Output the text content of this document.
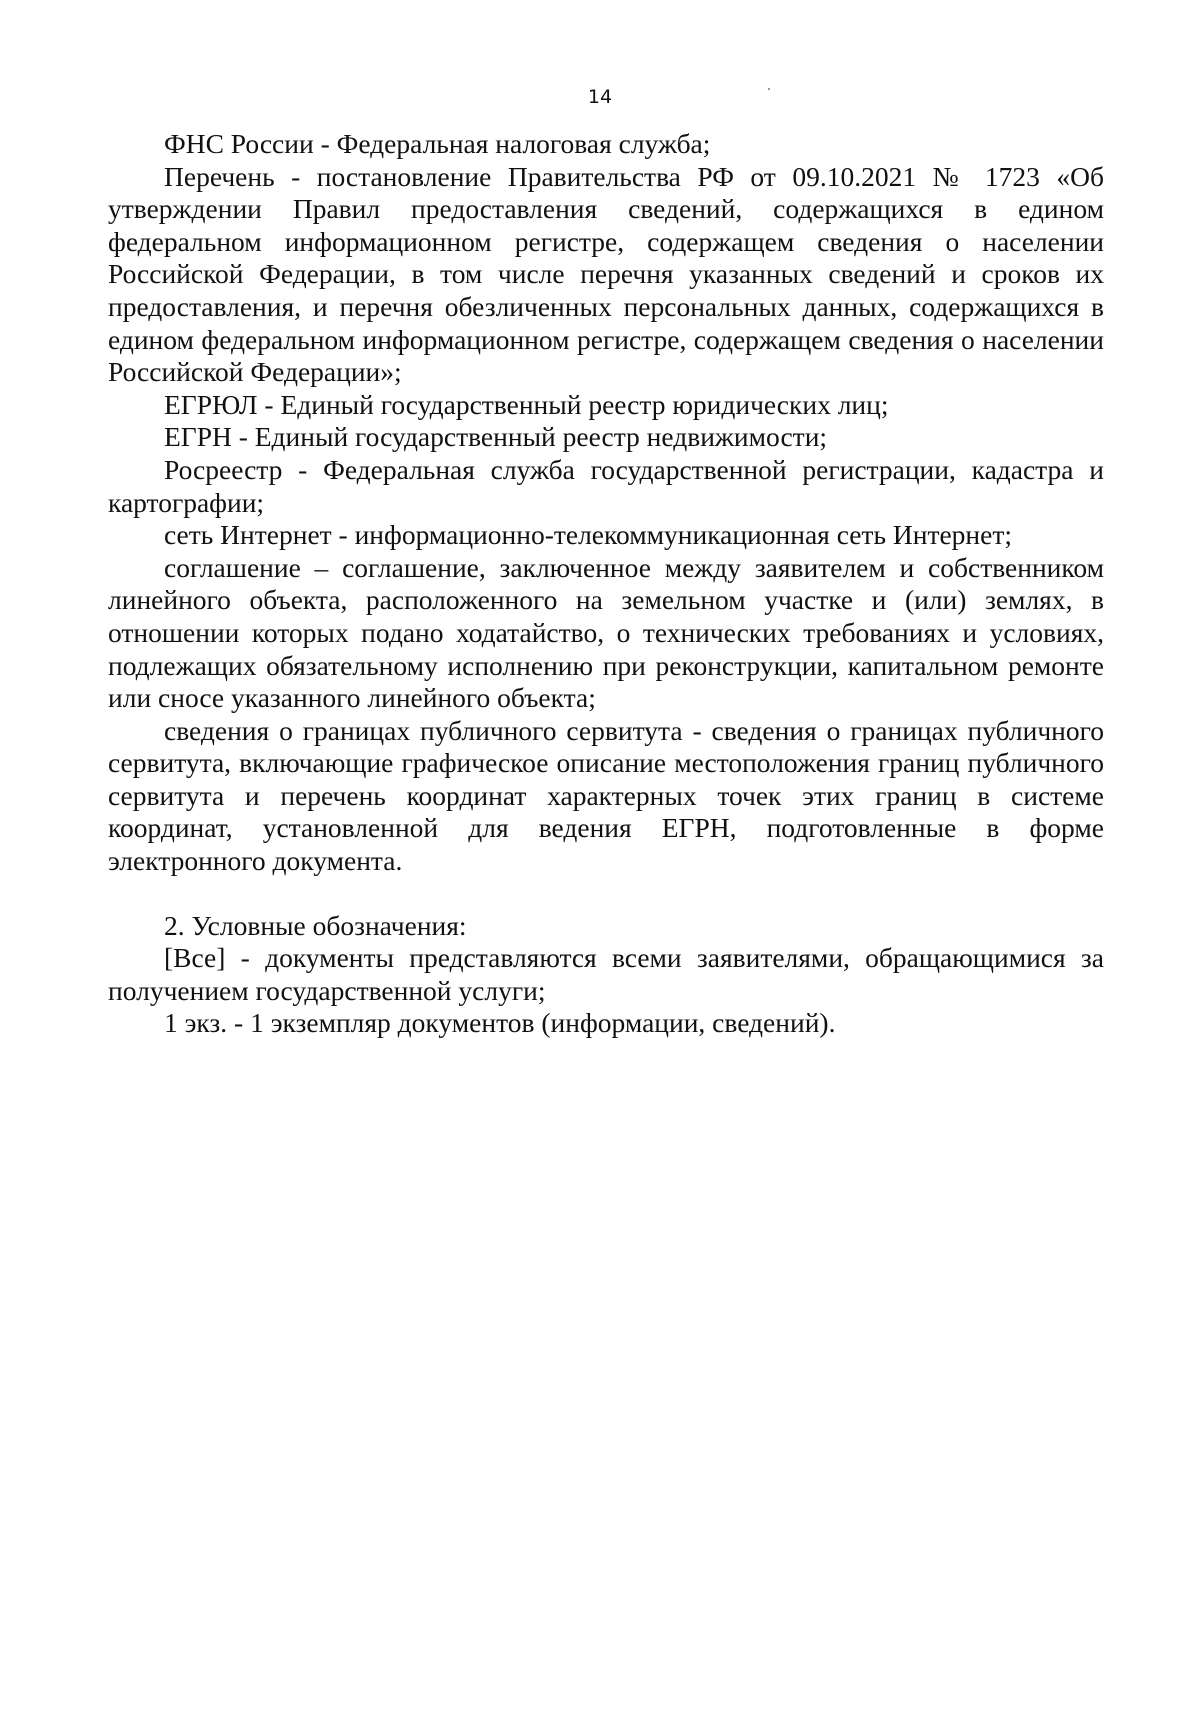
14

ФНС России - Федеральная налоговая служба;

Перечень - постановление Правительства РФ от 09.10.2021 № 1723 «Об утверждении Правил предоставления сведений, содержащихся в едином федеральном информационном регистре, содержащем сведения о населении Российской Федерации, в том числе перечня указанных сведений и сроков их предоставления, и перечня обезличенных персональных данных, содержащихся в едином федеральном информационном регистре, содержащем сведения о населении Российской Федерации»;

ЕГРЮЛ - Единый государственный реестр юридических лиц;

ЕГРН - Единый государственный реестр недвижимости;

Росреестр - Федеральная служба государственной регистрации, кадастра и картографии;

сеть Интернет - информационно-телекоммуникационная сеть Интернет;

соглашение – соглашение, заключенное между заявителем и собственником линейного объекта, расположенного на земельном участке и (или) землях, в отношении которых подано ходатайство, о технических требованиях и условиях, подлежащих обязательному исполнению при реконструкции, капитальном ремонте или сносе указанного линейного объекта;

сведения о границах публичного сервитута - сведения о границах публичного сервитута, включающие графическое описание местоположения границ публичного сервитута и перечень координат характерных точек этих границ в системе координат, установленной для ведения ЕГРН, подготовленные в форме электронного документа.

2. Условные обозначения:

[Все] - документы представляются всеми заявителями, обращающимися за получением государственной услуги;

1 экз. - 1 экземпляр документов (информации, сведений).
